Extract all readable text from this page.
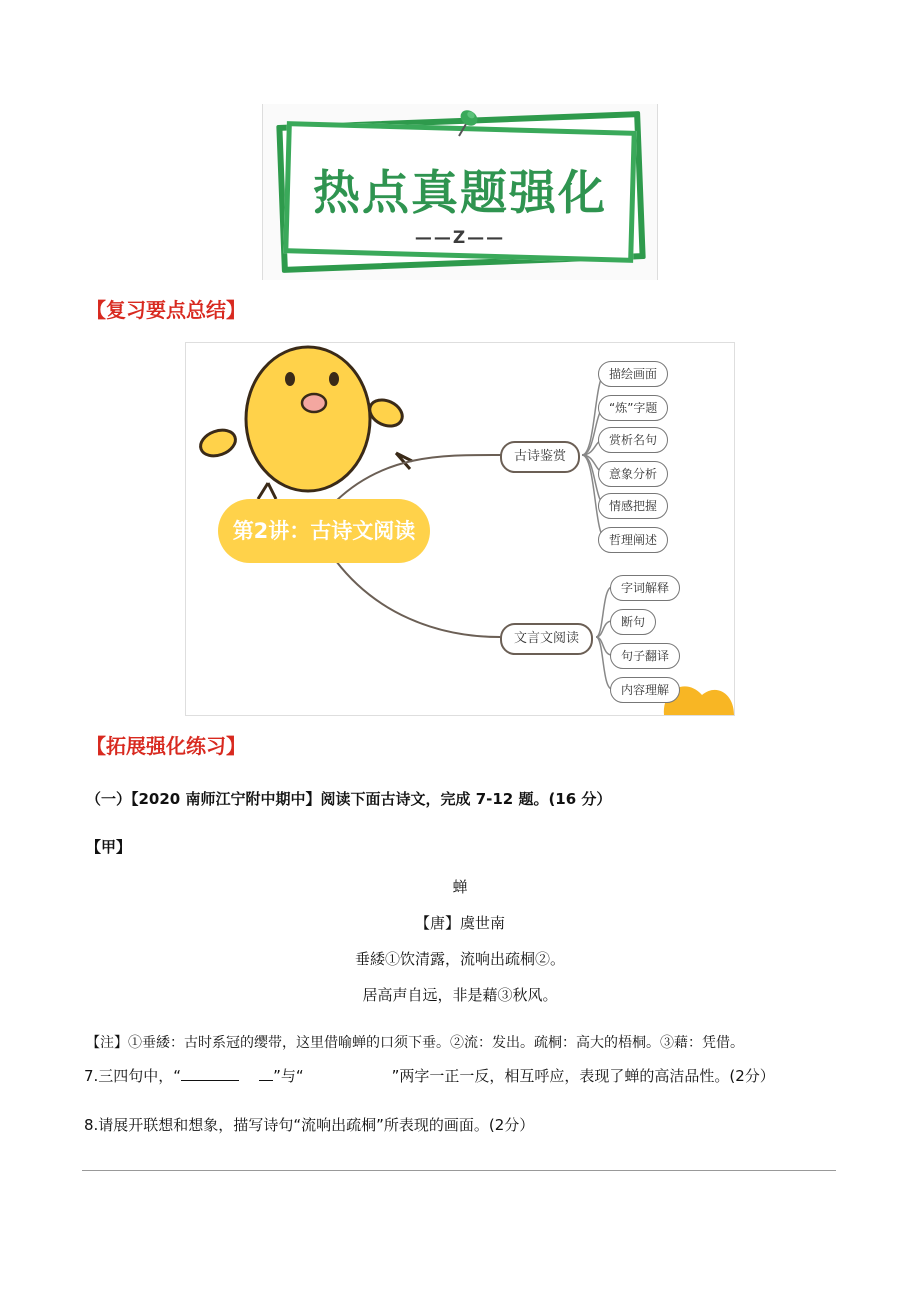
热点真题强化
——Z——
【复习要点总结】
第2讲：古诗文阅读
古诗鉴赏
文言文阅读
描绘画面
“炼”字题
赏析名句
意象分析
情感把握
哲理阐述
字词解释
断句
句子翻译
内容理解
【拓展强化练习】
（一）【2020 南师江宁附中期中】阅读下面古诗文，完成 7-12 题。(16 分）
【甲】
蝉
【唐】虞世南
垂緌①饮清露，流响出疏桐②。
居高声自远，非是藉③秋风。
【注】①垂緌：古时系冠的缨带，这里借喻蝉的口须下垂。②流：发出。疏桐：高大的梧桐。③藉：凭借。
7.三四句中，“	”与“	”两字一正一反，相互呼应，表现了蝉的高洁品性。(2分）
8.请展开联想和想象，描写诗句“流响出疏桐”所表现的画面。(2分）
